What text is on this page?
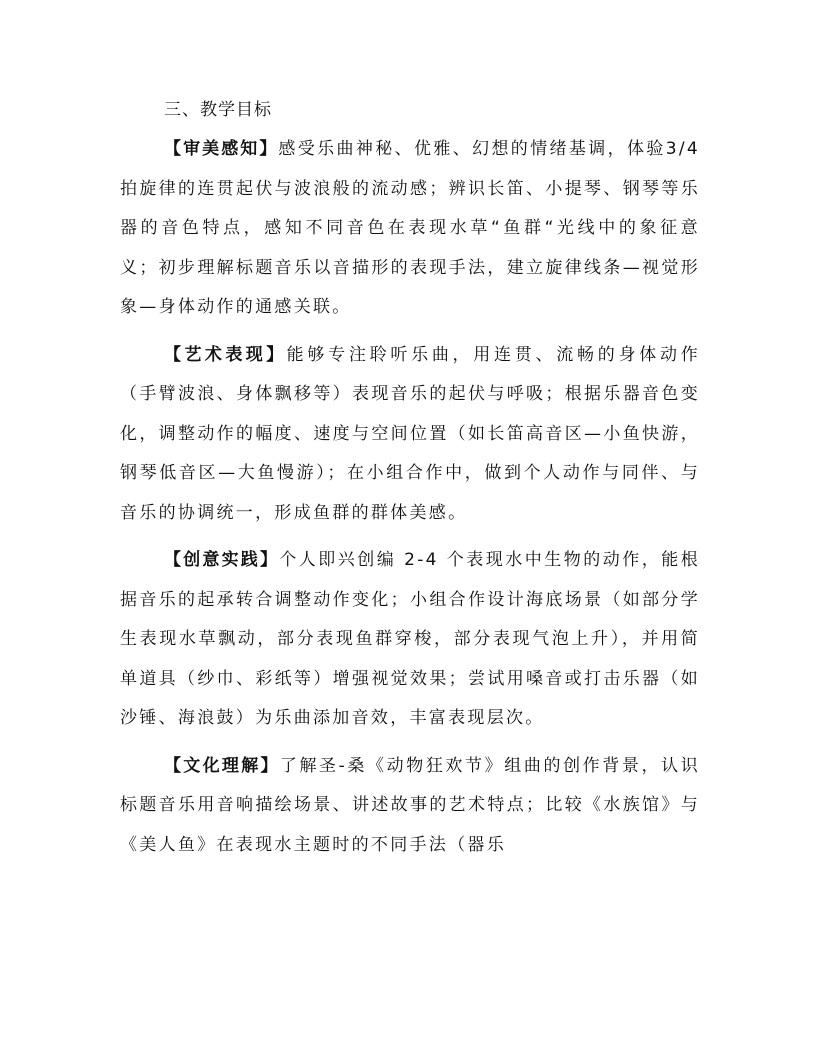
三、教学目标

【审美感知】感受乐曲神秘、优雅、幻想的情绪基调，体验3/4 拍旋律的连贯起伏与波浪般的流动感；辨识长笛、小提琴、钢琴等乐器的音色特点，感知不同音色在表现水草“鱼群“光线中的象征意义；初步理解标题音乐以音描形的表现手法，建立旋律线条—视觉形象—身体动作的通感关联。

【艺术表现】能够专注聆听乐曲，用连贯、流畅的身体动作（手臂波浪、身体飘移等）表现音乐的起伏与呼吸；根据乐器音色变化，调整动作的幅度、速度与空间位置（如长笛高音区—小鱼快游，钢琴低音区—大鱼慢游）；在小组合作中，做到个人动作与同伴、与音乐的协调统一，形成鱼群的群体美感。

【创意实践】个人即兴创编 2-4 个表现水中生物的动作，能根据音乐的起承转合调整动作变化；小组合作设计海底场景（如部分学生表现水草飘动，部分表现鱼群穿梭，部分表现气泡上升），并用简单道具（纱巾、彩纸等）增强视觉效果；尝试用嗓音或打击乐器（如沙锤、海浪鼓）为乐曲添加音效，丰富表现层次。

【文化理解】了解圣-桑《动物狂欢节》组曲的创作背景，认识标题音乐用音响描绘场景、讲述故事的艺术特点；比较《水族馆》与《美人鱼》在表现水主题时的不同手法（器乐
